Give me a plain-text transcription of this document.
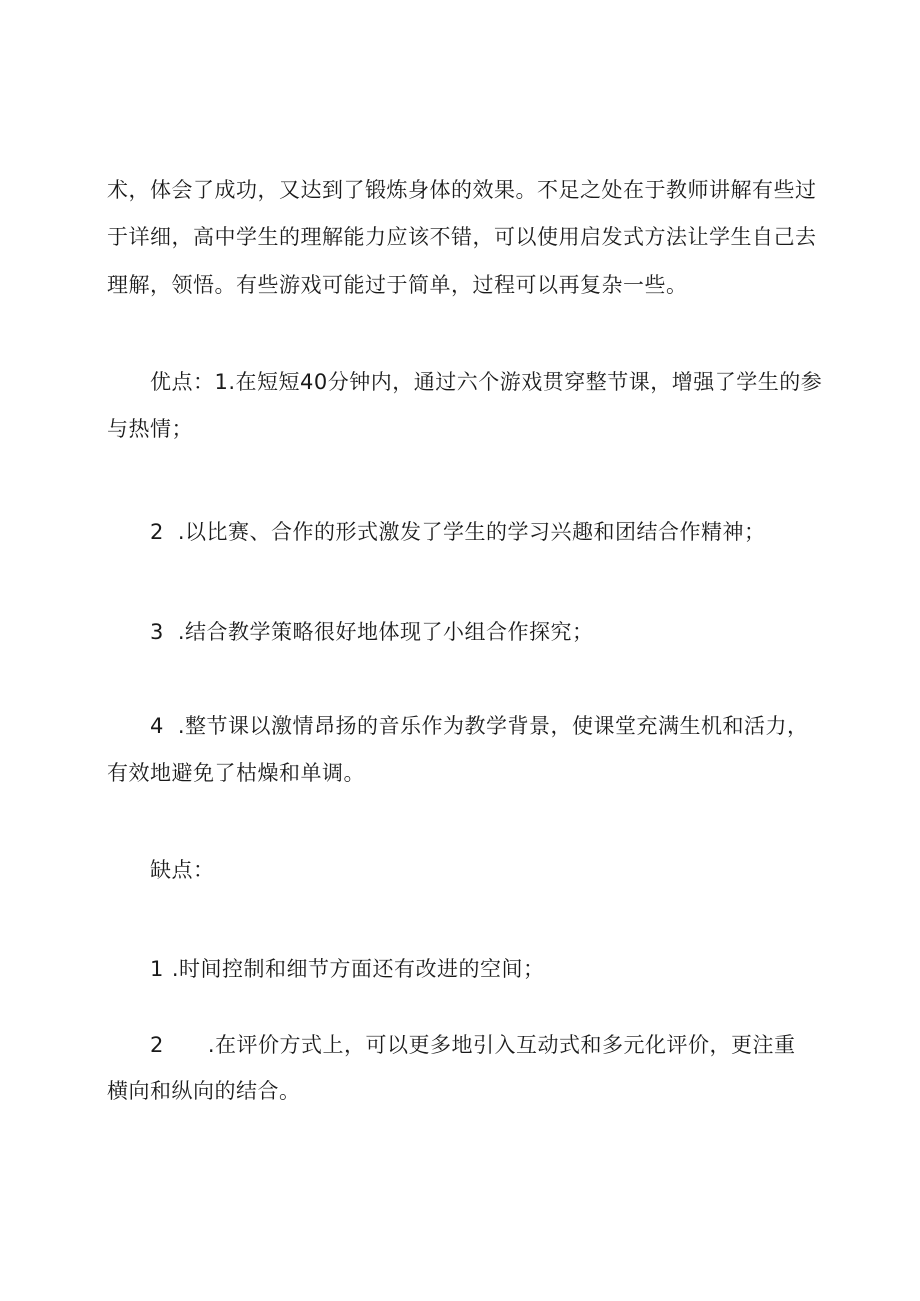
术，体会了成功，又达到了锻炼身体的效果。不足之处在于教师讲解有些过
于详细，高中学生的理解能力应该不错，可以使用启发式方法让学生自己去
理解，领悟。有些游戏可能过于简单，过程可以再复杂一些。
优点：1.在短短40分钟内，通过六个游戏贯穿整节课，增强了学生的参
与热情；
2 .以比赛、合作的形式激发了学生的学习兴趣和团结合作精神；
3 .结合教学策略很好地体现了小组合作探究；
4 .整节课以激情昂扬的音乐作为教学背景，使课堂充满生机和活力，
有效地避免了枯燥和单调。
缺点：
1 .时间控制和细节方面还有改进的空间；
2 .在评价方式上，可以更多地引入互动式和多元化评价，更注重
横向和纵向的结合。
